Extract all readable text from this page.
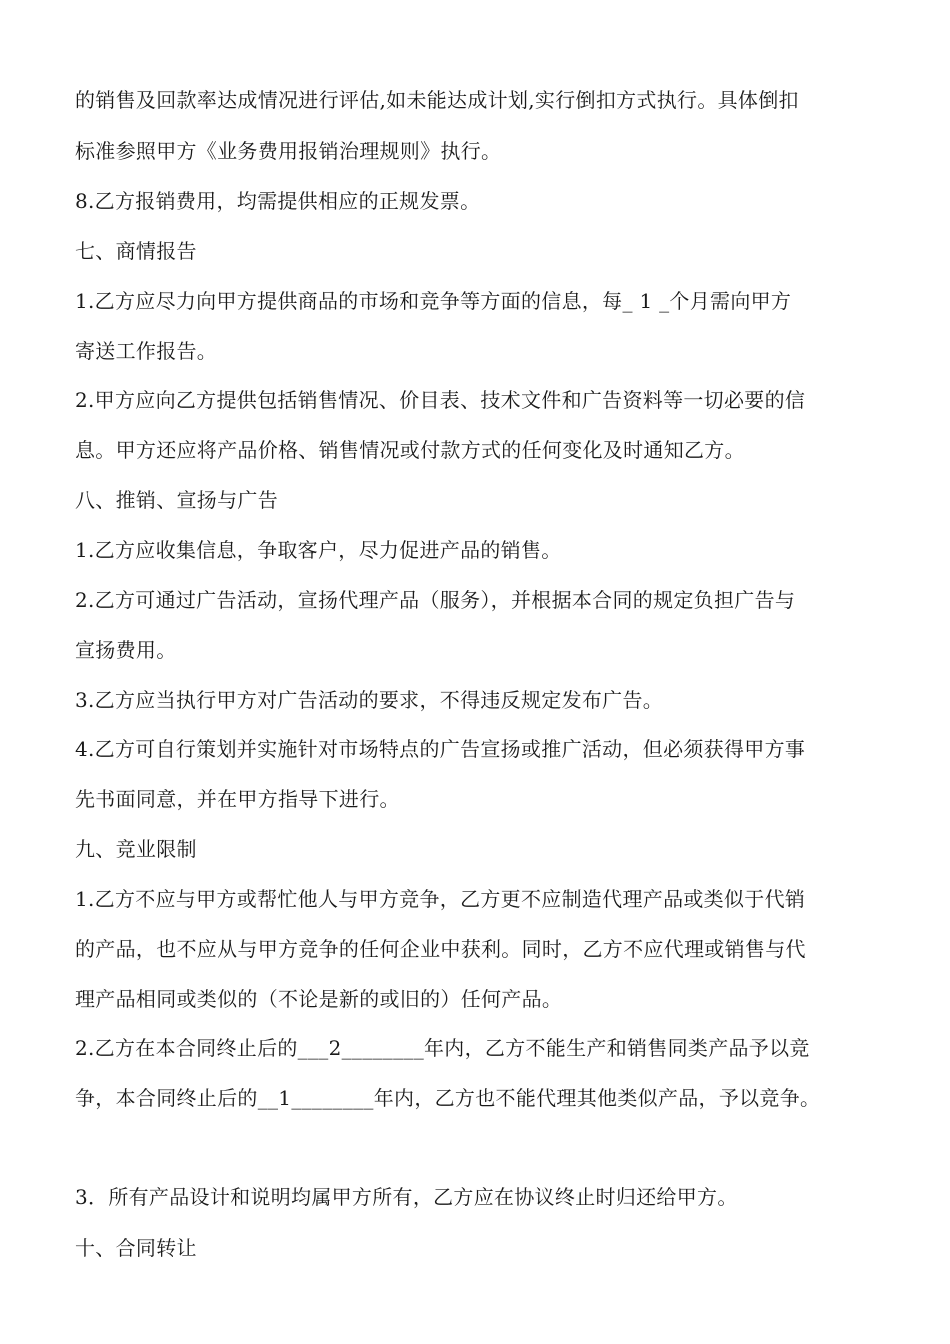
的销售及回款率达成情况进行评估,如未能达成计划,实行倒扣方式执行。具体倒扣
标准参照甲方《业务费用报销治理规则》执行。
8.乙方报销费用，均需提供相应的正规发票。
七、商情报告
1.乙方应尽力向甲方提供商品的市场和竞争等方面的信息，每_ 1 _个月需向甲方
寄送工作报告。
2.甲方应向乙方提供包括销售情况、价目表、技术文件和广告资料等一切必要的信
息。甲方还应将产品价格、销售情况或付款方式的任何变化及时通知乙方。
八、推销、宣扬与广告
1.乙方应收集信息，争取客户，尽力促进产品的销售。
2.乙方可通过广告活动，宣扬代理产品（服务），并根据本合同的规定负担广告与
宣扬费用。
3.乙方应当执行甲方对广告活动的要求，不得违反规定发布广告。
4.乙方可自行策划并实施针对市场特点的广告宣扬或推广活动，但必须获得甲方事
先书面同意，并在甲方指导下进行。
九、竞业限制
1.乙方不应与甲方或帮忙他人与甲方竞争，乙方更不应制造代理产品或类似于代销
的产品，也不应从与甲方竞争的任何企业中获利。同时，乙方不应代理或销售与代
理产品相同或类似的（不论是新的或旧的）任何产品。
2.乙方在本合同终止后的___2________年内，乙方不能生产和销售同类产品予以竞
争，本合同终止后的__1________年内，乙方也不能代理其他类似产品，予以竞争。
3．所有产品设计和说明均属甲方所有，乙方应在协议终止时归还给甲方。
十、合同转让
